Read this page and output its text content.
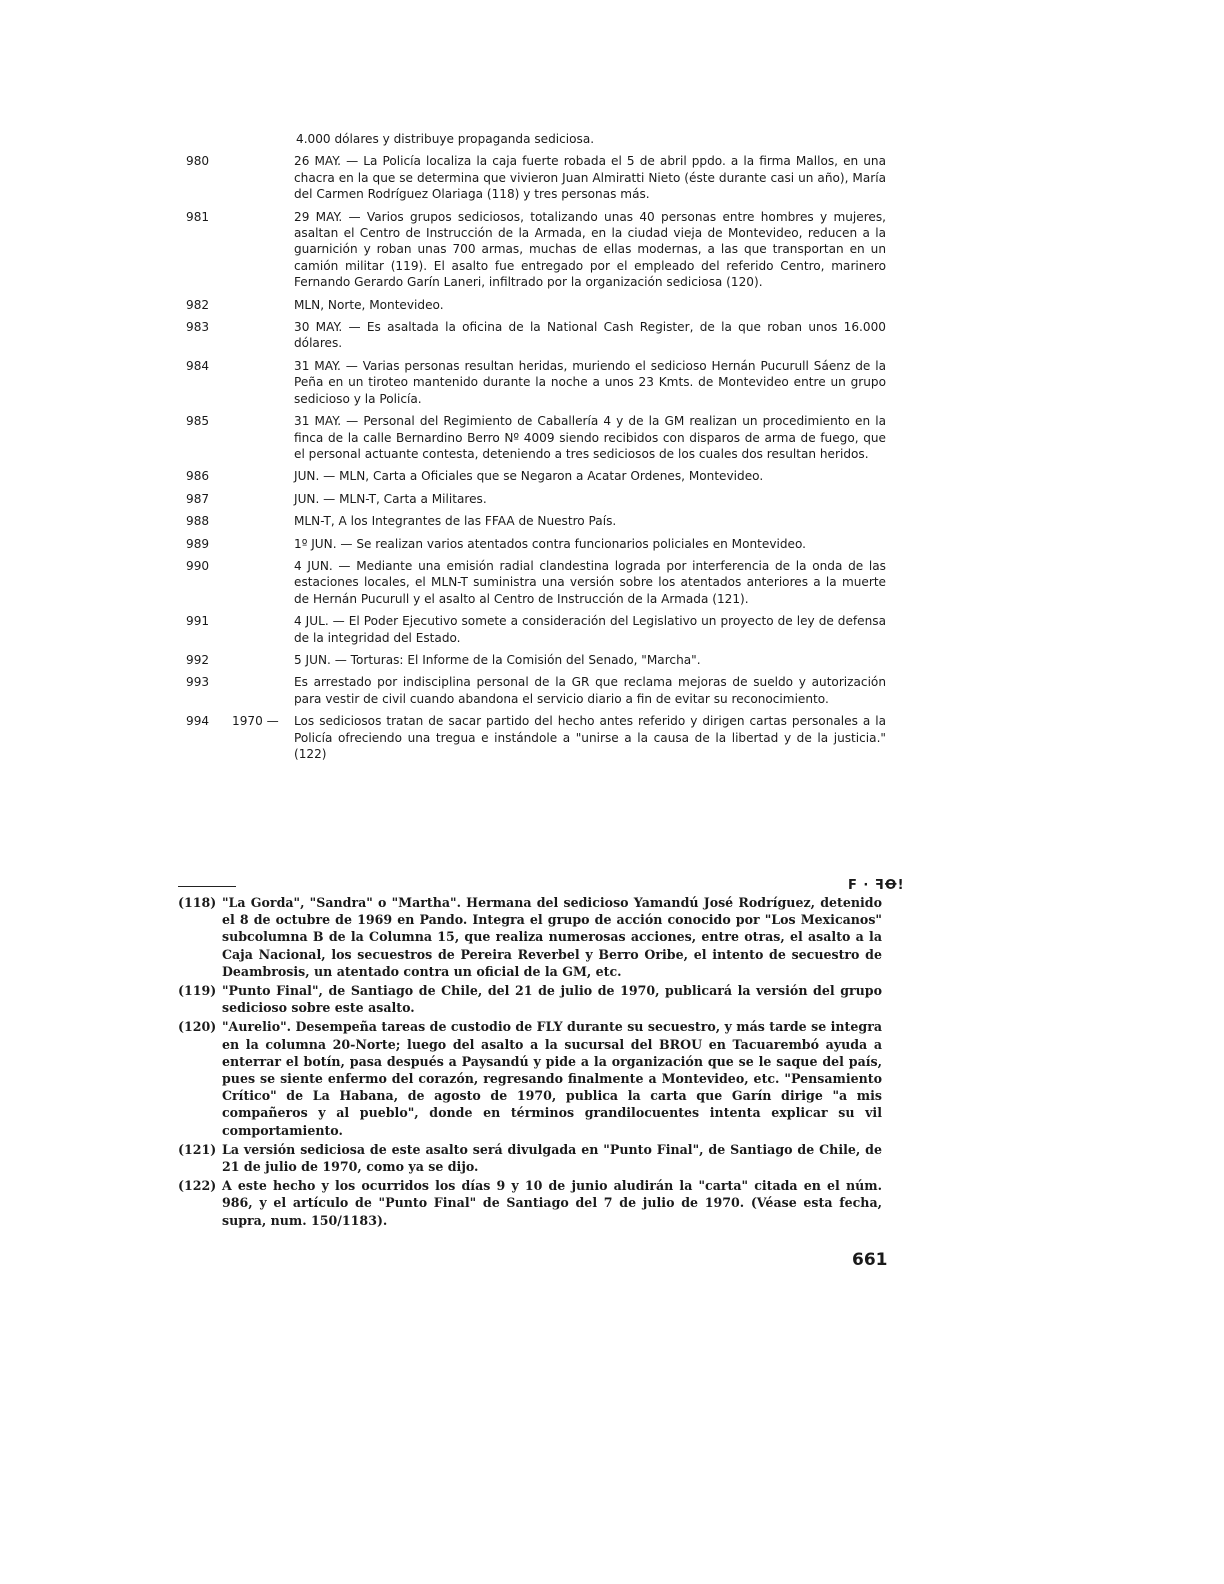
4.000 dólares y distribuye propaganda sediciosa.
980	26 MAY. — La Policía localiza la caja fuerte robada el 5 de abril ppdo. a la firma Mallos, en una chacra en la que se determina que vivieron Juan Almiratti Nieto (éste durante casi un año), María del Carmen Rodríguez Olariaga (118) y tres personas más.
981	29 MAY. — Varios grupos sediciosos, totalizando unas 40 personas entre hombres y mujeres, asaltan el Centro de Instrucción de la Armada, en la ciudad vieja de Montevideo, reducen a la guarnición y roban unas 700 armas, muchas de ellas modernas, a las que transportan en un camión militar (119). El asalto fue entregado por el empleado del referido Centro, marinero Fernando Gerardo Garín Laneri, infiltrado por la organización sediciosa (120).
982	MLN, Norte, Montevideo.
983	30 MAY. — Es asaltada la oficina de la National Cash Register, de la que roban unos 16.000 dólares.
984	31 MAY. — Varias personas resultan heridas, muriendo el sedicioso Hernán Pucurull Sáenz de la Peña en un tiroteo mantenido durante la noche a unos 23 Kmts. de Montevideo entre un grupo sedicioso y la Policía.
985	31 MAY. — Personal del Regimiento de Caballería 4 y de la GM realizan un procedimiento en la finca de la calle Bernardino Berro Nº 4009 siendo recibidos con disparos de arma de fuego, que el personal actuante contesta, deteniendo a tres sediciosos de los cuales dos resultan heridos.
986	JUN. — MLN, Carta a Oficiales que se Negaron a Acatar Ordenes, Montevideo.
987	JUN. — MLN-T, Carta a Militares.
988	MLN-T, A los Integrantes de las FFAA de Nuestro País.
989	1º JUN. — Se realizan varios atentados contra funcionarios policiales en Montevideo.
990	4 JUN. — Mediante una emisión radial clandestina lograda por interferencia de la onda de las estaciones locales, el MLN-T suministra una versión sobre los atentados anteriores a la muerte de Hernán Pucurull y el asalto al Centro de Instrucción de la Armada (121).
991	4 JUL. — El Poder Ejecutivo somete a consideración del Legislativo un proyecto de ley de defensa de la integridad del Estado.
992	5 JUN. — Torturas: El Informe de la Comisión del Senado, "Marcha".
993	Es arrestado por indisciplina personal de la GR que reclama mejoras de sueldo y autorización para vestir de civil cuando abandona el servicio diario a fin de evitar su reconocimiento.
994	1970 —	Los sediciosos tratan de sacar partido del hecho antes referido y dirigen cartas personales a la Policía ofreciendo una tregua e instándole a "unirse a la causa de la libertad y de la justicia." (122)
F · ꟻꝊ!
(118) "La Gorda", "Sandra" o "Martha". Hermana del sedicioso Yamandú José Rodríguez, detenido el 8 de octubre de 1969 en Pando. Integra el grupo de acción conocido por "Los Mexicanos" subcolumna B de la Columna 15, que realiza numerosas acciones, entre otras, el asalto a la Caja Nacional, los secuestros de Pereira Reverbel y Berro Oribe, el intento de secuestro de Deambrosis, un atentado contra un oficial de la GM, etc.
(119) "Punto Final", de Santiago de Chile, del 21 de julio de 1970, publicará la versión del grupo sedicioso sobre este asalto.
(120) "Aurelio". Desempeña tareas de custodio de FLY durante su secuestro, y más tarde se integra en la columna 20-Norte; luego del asalto a la sucursal del BROU en Tacuarembó ayuda a enterrar el botín, pasa después a Paysandú y pide a la organización que se le saque del país, pues se siente enfermo del corazón, regresando finalmente a Montevideo, etc. "Pensamiento Crítico" de La Habana, de agosto de 1970, publica la carta que Garín dirige "a mis compañeros y al pueblo", donde en términos grandilocuentes intenta explicar su vil comportamiento.
(121) La versión sediciosa de este asalto será divulgada en "Punto Final", de Santiago de Chile, de 21 de julio de 1970, como ya se dijo.
(122) A este hecho y los ocurridos los días 9 y 10 de junio aludirán la "carta" citada en el núm. 986, y el artículo de "Punto Final" de Santiago del 7 de julio de 1970. (Véase esta fecha, supra, num. 150/1183).
661
